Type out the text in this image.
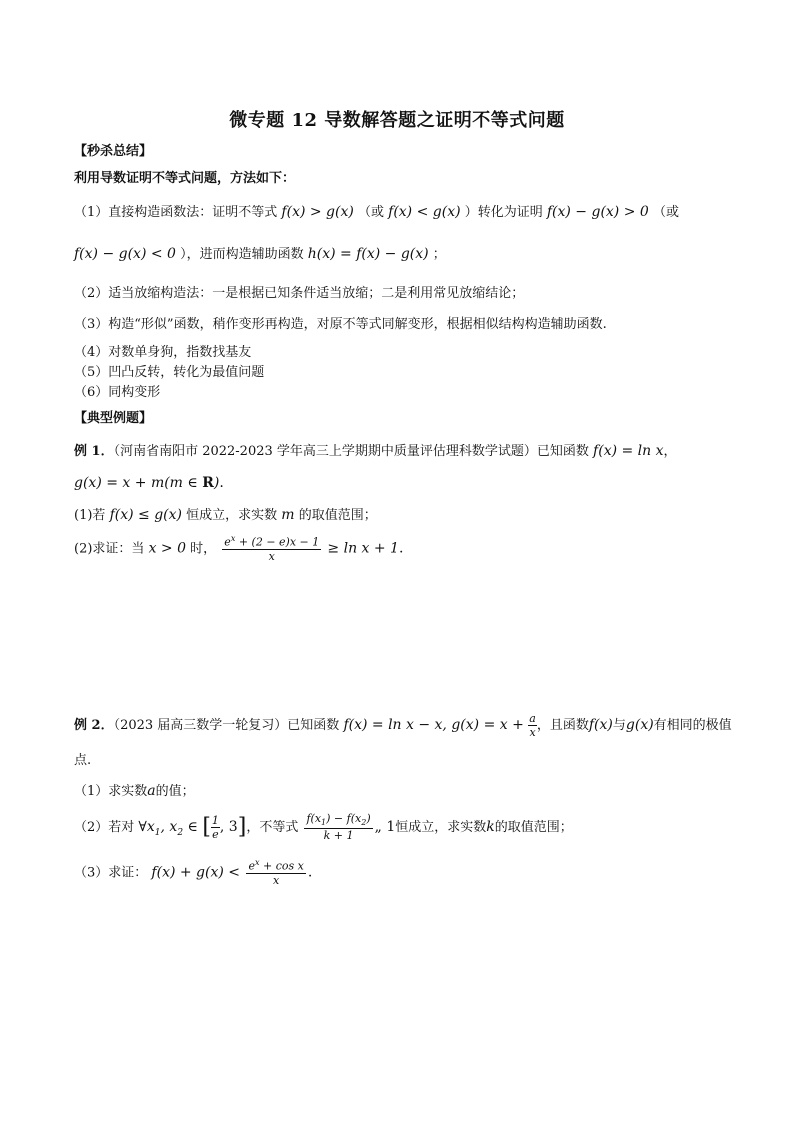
微专题 12 导数解答题之证明不等式问题
【秒杀总结】
利用导数证明不等式问题，方法如下：
（1）直接构造函数法：证明不等式 f(x) > g(x) （或 f(x) < g(x) ）转化为证明 f(x) − g(x) > 0 （或
f(x) − g(x) < 0 ），进而构造辅助函数 h(x) = f(x) − g(x) ；
（2）适当放缩构造法：一是根据已知条件适当放缩；二是利用常见放缩结论；
（3）构造“形似”函数，稍作变形再构造，对原不等式同解变形，根据相似结构构造辅助函数.
（4）对数单身狗，指数找基友
（5）凹凸反转，转化为最值问题
（6）同构变形
【典型例题】
例 1．（河南省南阳市 2022-2023 学年高三上学期期中质量评估理科数学试题）已知函数 f(x) = ln x，
g(x) = x + m(m ∈ R).
(1)若 f(x) ≤ g(x) 恒成立，求实数 m 的取值范围；
(2)求证：当 x > 0 时， $\frac{e^x + (2 - e)x - 1}{x} \ge \ln x + 1$.
例 2．（2023 届高三数学一轮复习）已知函数 f(x) = ln x − x, $g(x) = x + \frac{a}{x}$ ，且函数f(x)与g(x)有相同的极值
点.
（1）求实数a的值；
（2）若对 $\forall x_1$, $x_2$ ∈ [ $\frac{1}{e}$ , 3]，不等式 $\frac{f(x_1) - f(x_2)}{k + 1}$ „ 1恒成立，求实数k的取值范围；
（3）求证： $f(x) + g(x) < \frac{e^x + \cos x}{x}$ .
